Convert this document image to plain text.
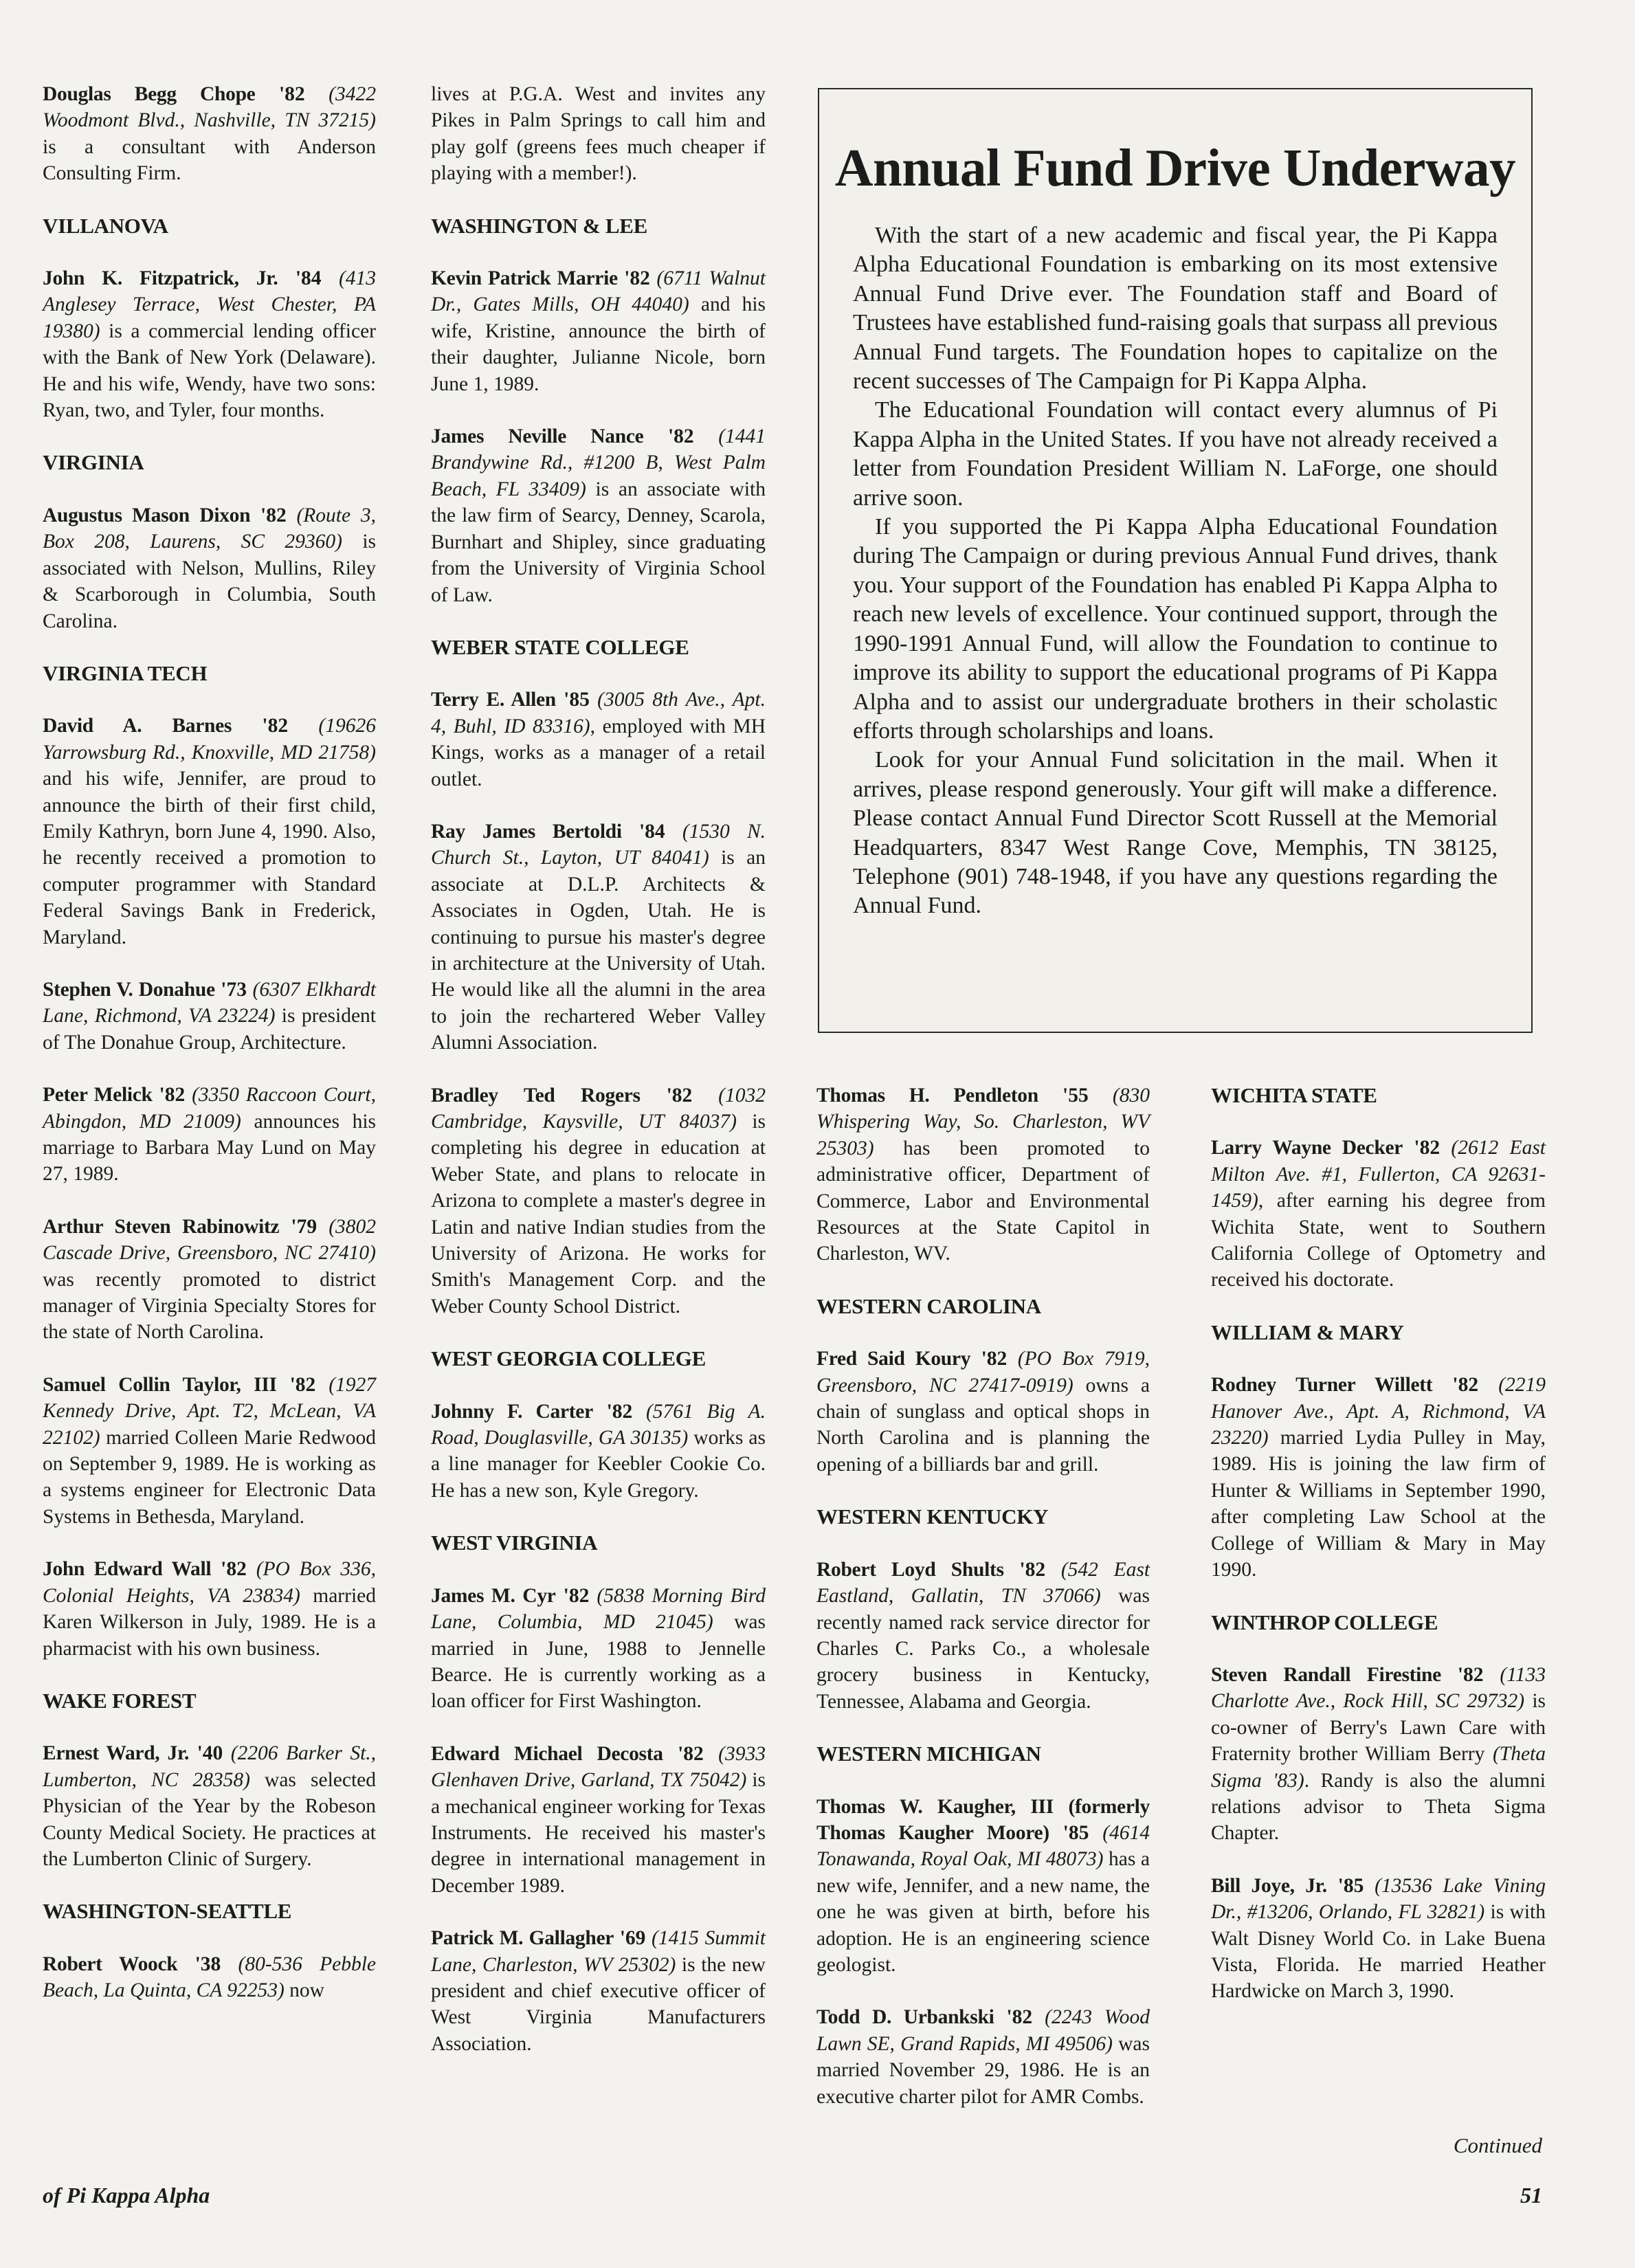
Douglas Begg Chope '82 (3422 Woodmont Blvd., Nashville, TN 37215) is a consultant with Anderson Consulting Firm.

VILLANOVA

John K. Fitzpatrick, Jr. '84 (413 Anglesey Terrace, West Chester, PA 19380) is a commercial lending officer with the Bank of New York (Delaware). He and his wife, Wendy, have two sons: Ryan, two, and Tyler, four months.

VIRGINIA

Augustus Mason Dixon '82 (Route 3, Box 208, Laurens, SC 29360) is associated with Nelson, Mullins, Riley & Scarborough in Columbia, South Carolina.

VIRGINIA TECH

David A. Barnes '82 (19626 Yarrowsburg Rd., Knoxville, MD 21758) and his wife, Jennifer, are proud to announce the birth of their first child, Emily Kathryn, born June 4, 1990. Also, he recently received a promotion to computer programmer with Standard Federal Savings Bank in Frederick, Maryland.

Stephen V. Donahue '73 (6307 Elkhardt Lane, Richmond, VA 23224) is president of The Donahue Group, Architecture.

Peter Melick '82 (3350 Raccoon Court, Abingdon, MD 21009) announces his marriage to Barbara May Lund on May 27, 1989.

Arthur Steven Rabinowitz '79 (3802 Cascade Drive, Greensboro, NC 27410) was recently promoted to district manager of Virginia Specialty Stores for the state of North Carolina.

Samuel Collin Taylor, III '82 (1927 Kennedy Drive, Apt. T2, McLean, VA 22102) married Colleen Marie Redwood on September 9, 1989. He is working as a systems engineer for Electronic Data Systems in Bethesda, Maryland.

John Edward Wall '82 (PO Box 336, Colonial Heights, VA 23834) married Karen Wilkerson in July, 1989. He is a pharmacist with his own business.

WAKE FOREST

Ernest Ward, Jr. '40 (2206 Barker St., Lumberton, NC 28358) was selected Physician of the Year by the Robeson County Medical Society. He practices at the Lumberton Clinic of Surgery.

WASHINGTON-SEATTLE

Robert Woock '38 (80-536 Pebble Beach, La Quinta, CA 92253) now

lives at P.G.A. West and invites any Pikes in Palm Springs to call him and play golf (greens fees much cheaper if playing with a member!).

WASHINGTON & LEE

Kevin Patrick Marrie '82 (6711 Walnut Dr., Gates Mills, OH 44040) and his wife, Kristine, announce the birth of their daughter, Julianne Nicole, born June 1, 1989.

James Neville Nance '82 (1441 Brandywine Rd., #1200 B, West Palm Beach, FL 33409) is an associate with the law firm of Searcy, Denney, Scarola, Burnhart and Shipley, since graduating from the University of Virginia School of Law.

WEBER STATE COLLEGE

Terry E. Allen '85 (3005 8th Ave., Apt. 4, Buhl, ID 83316), employed with MH Kings, works as a manager of a retail outlet.

Ray James Bertoldi '84 (1530 N. Church St., Layton, UT 84041) is an associate at D.L.P. Architects & Associates in Ogden, Utah. He is continuing to pursue his master's degree in architecture at the University of Utah. He would like all the alumni in the area to join the rechartered Weber Valley Alumni Association.

Bradley Ted Rogers '82 (1032 Cambridge, Kaysville, UT 84037) is completing his degree in education at Weber State, and plans to relocate in Arizona to complete a master's degree in Latin and native Indian studies from the University of Arizona. He works for Smith's Management Corp. and the Weber County School District.

WEST GEORGIA COLLEGE

Johnny F. Carter '82 (5761 Big A. Road, Douglasville, GA 30135) works as a line manager for Keebler Cookie Co. He has a new son, Kyle Gregory.

WEST VIRGINIA

James M. Cyr '82 (5838 Morning Bird Lane, Columbia, MD 21045) was married in June, 1988 to Jennelle Bearce. He is currently working as a loan officer for First Washington.

Edward Michael Decosta '82 (3933 Glenhaven Drive, Garland, TX 75042) is a mechanical engineer working for Texas Instruments. He received his master's degree in international management in December 1989.

Patrick M. Gallagher '69 (1415 Summit Lane, Charleston, WV 25302) is the new president and chief executive officer of West Virginia Manufacturers Association.

Annual Fund Drive Underway

With the start of a new academic and fiscal year, the Pi Kappa Alpha Educational Foundation is embarking on its most extensive Annual Fund Drive ever. The Foundation staff and Board of Trustees have established fund-raising goals that surpass all previous Annual Fund targets. The Foundation hopes to capitalize on the recent successes of The Campaign for Pi Kappa Alpha.

The Educational Foundation will contact every alumnus of Pi Kappa Alpha in the United States. If you have not already received a letter from Foundation President William N. LaForge, one should arrive soon.

If you supported the Pi Kappa Alpha Educational Foundation during The Campaign or during previous Annual Fund drives, thank you. Your support of the Foundation has enabled Pi Kappa Alpha to reach new levels of excellence. Your continued support, through the 1990-1991 Annual Fund, will allow the Foundation to continue to improve its ability to support the educational programs of Pi Kappa Alpha and to assist our undergraduate brothers in their scholastic efforts through scholarships and loans.

Look for your Annual Fund solicitation in the mail. When it arrives, please respond generously. Your gift will make a difference. Please contact Annual Fund Director Scott Russell at the Memorial Headquarters, 8347 West Range Cove, Memphis, TN 38125, Telephone (901) 748-1948, if you have any questions regarding the Annual Fund.

Thomas H. Pendleton '55 (830 Whispering Way, So. Charleston, WV 25303) has been promoted to administrative officer, Department of Commerce, Labor and Environmental Resources at the State Capitol in Charleston, WV.

WESTERN CAROLINA

Fred Said Koury '82 (PO Box 7919, Greensboro, NC 27417-0919) owns a chain of sunglass and optical shops in North Carolina and is planning the opening of a billiards bar and grill.

WESTERN KENTUCKY

Robert Loyd Shults '82 (542 East Eastland, Gallatin, TN 37066) was recently named rack service director for Charles C. Parks Co., a wholesale grocery business in Kentucky, Tennessee, Alabama and Georgia.

WESTERN MICHIGAN

Thomas W. Kaugher, III (formerly Thomas Kaugher Moore) '85 (4614 Tonawanda, Royal Oak, MI 48073) has a new wife, Jennifer, and a new name, the one he was given at birth, before his adoption. He is an engineering science geologist.

Todd D. Urbankski '82 (2243 Wood Lawn SE, Grand Rapids, MI 49506) was married November 29, 1986. He is an executive charter pilot for AMR Combs.

WICHITA STATE

Larry Wayne Decker '82 (2612 East Milton Ave. #1, Fullerton, CA 92631-1459), after earning his degree from Wichita State, went to Southern California College of Optometry and received his doctorate.

WILLIAM & MARY

Rodney Turner Willett '82 (2219 Hanover Ave., Apt. A, Richmond, VA 23220) married Lydia Pulley in May, 1989. His is joining the law firm of Hunter & Williams in September 1990, after completing Law School at the College of William & Mary in May 1990.

WINTHROP COLLEGE

Steven Randall Firestine '82 (1133 Charlotte Ave., Rock Hill, SC 29732) is co-owner of Berry's Lawn Care with Fraternity brother William Berry (Theta Sigma '83). Randy is also the alumni relations advisor to Theta Sigma Chapter.

Bill Joye, Jr. '85 (13536 Lake Vining Dr., #13206, Orlando, FL 32821) is with Walt Disney World Co. in Lake Buena Vista, Florida. He married Heather Hardwicke on March 3, 1990.

Continued
of Pi Kappa Alpha	51
